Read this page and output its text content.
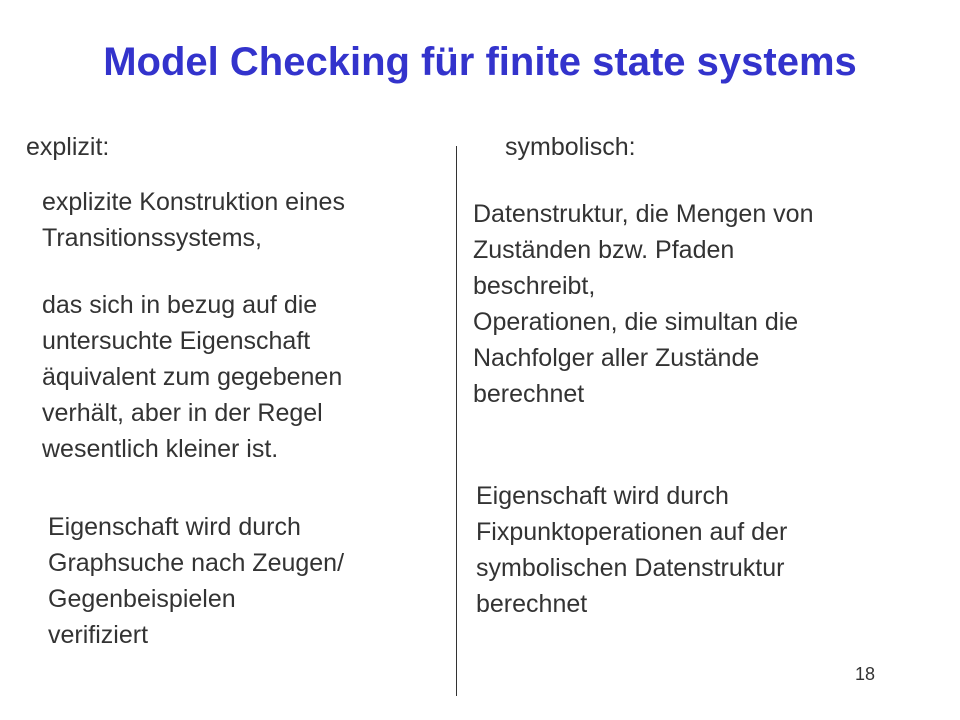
Model Checking für finite state systems
explizit:
explizite Konstruktion eines
Transitionssystems,
das sich in bezug auf die
untersuchte Eigenschaft
äquivalent zum gegebenen
verhält, aber in der Regel
wesentlich kleiner ist.
Eigenschaft wird durch
Graphsuche nach Zeugen/
Gegenbeispielen
verifiziert
symbolisch:
Datenstruktur, die Mengen von
Zuständen bzw. Pfaden
beschreibt,
Operationen, die simultan die
Nachfolger aller Zustände
berechnet
Eigenschaft wird durch
Fixpunktoperationen auf der
symbolischen Datenstruktur
berechnet
18
